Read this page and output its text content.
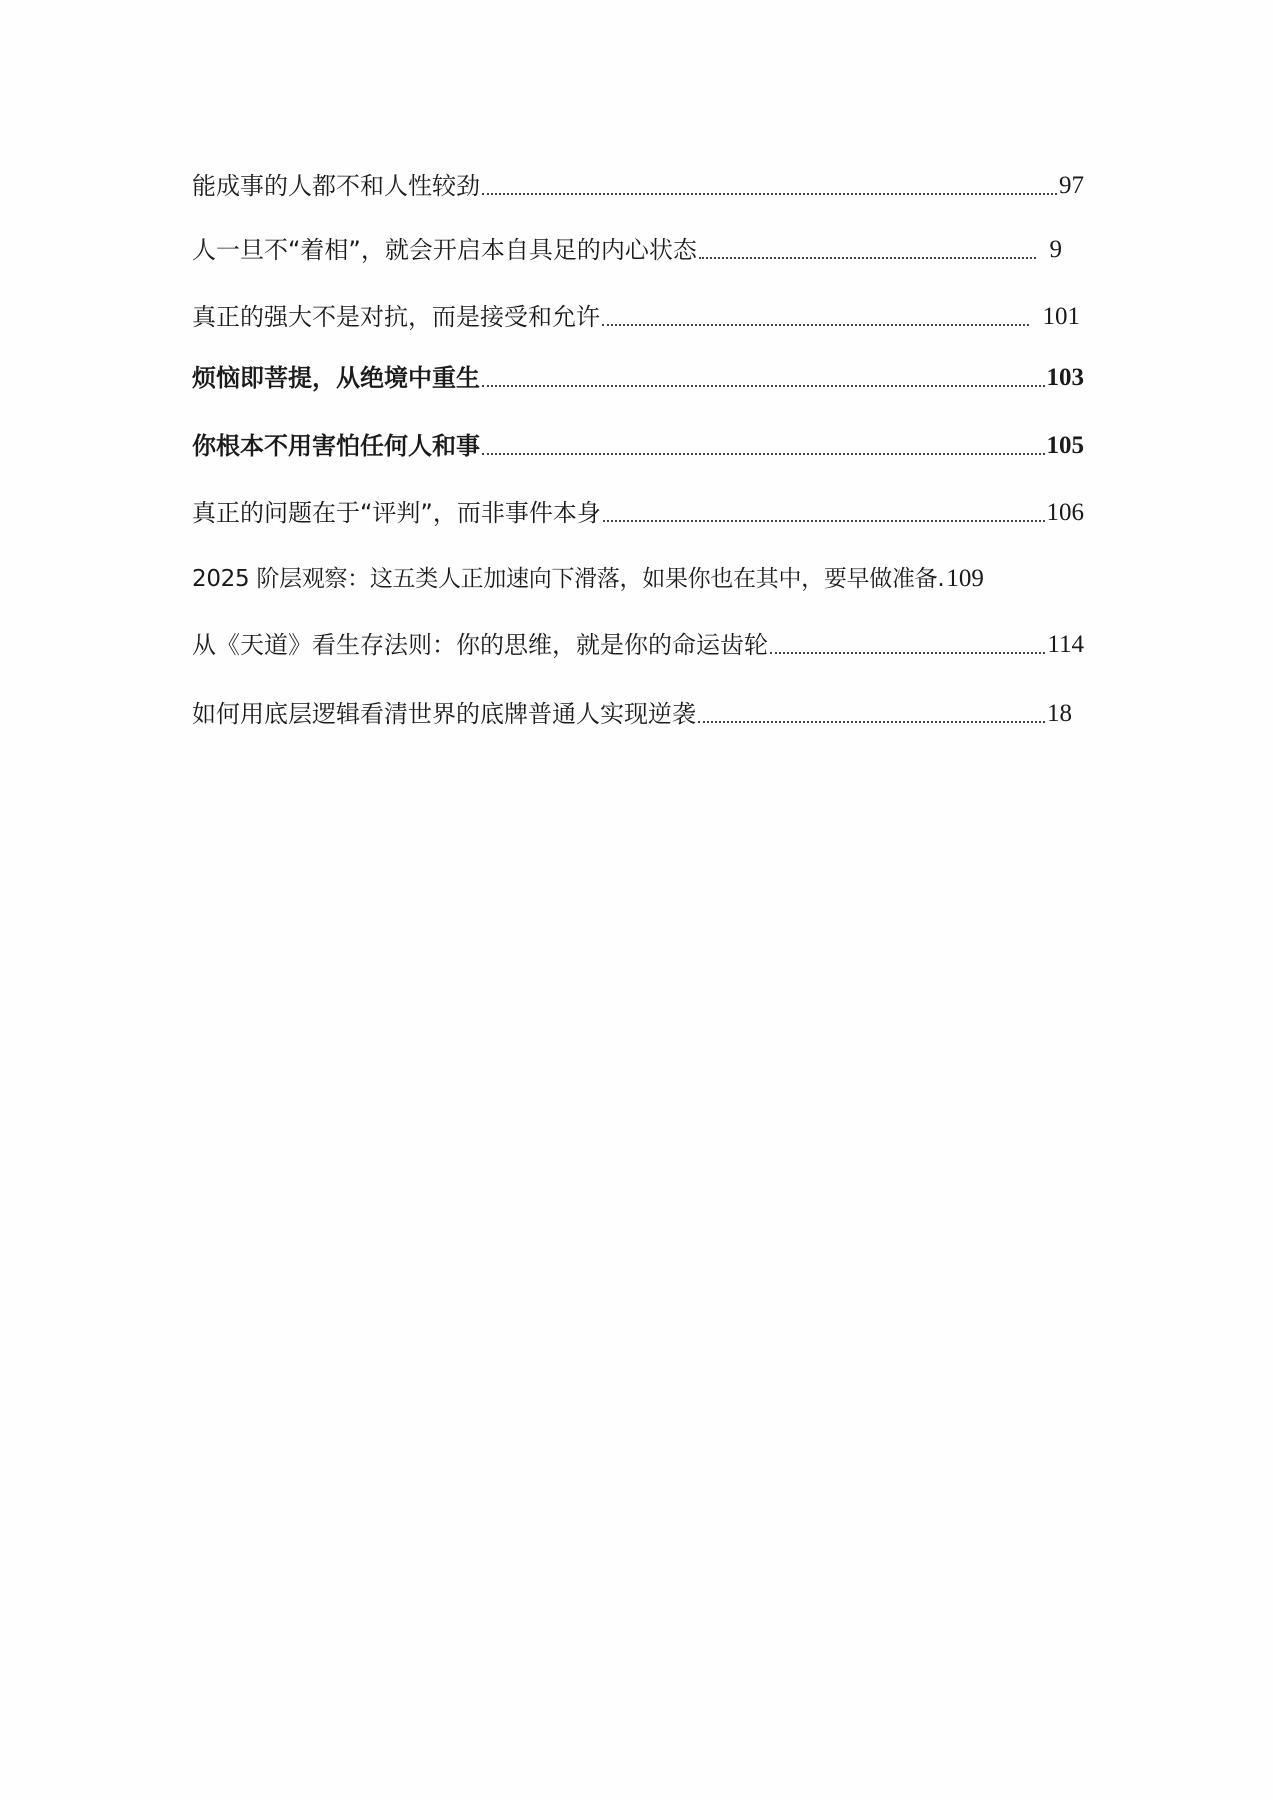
能成事的人都不和人性较劲	97
人一旦不“着相”，就会开启本自具足的内心状态	9
真正的强大不是对抗，而是接受和允许	101
烦恼即菩提，从绝境中重生	103
你根本不用害怕任何人和事	105
真正的问题在于“评判”，而非事件本身	106
2025 阶层观察：这五类人正加速向下滑落，如果你也在其中，要早做准备. 109
从《天道》看生存法则：你的思维，就是你的命运齿轮	114
如何用底层逻辑看清世界的底牌普通人实现逆袭	18
